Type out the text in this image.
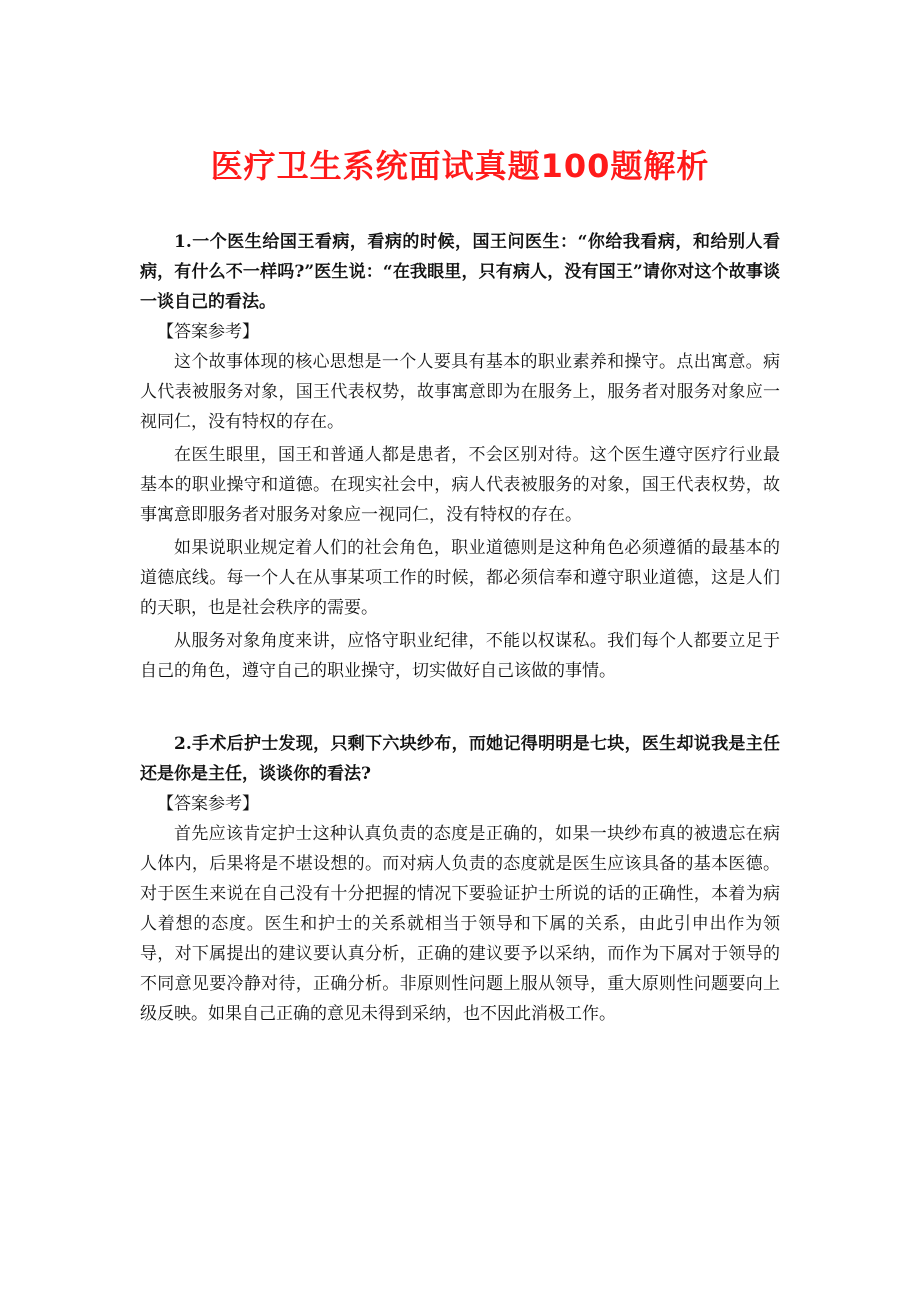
医疗卫生系统面试真题100题解析

1.一个医生给国王看病，看病的时候，国王问医生：“你给我看病，和给别人看病，有什么不一样吗?”医生说：“在我眼里，只有病人，没有国王”请你对这个故事谈一谈自己的看法。

【答案参考】

这个故事体现的核心思想是一个人要具有基本的职业素养和操守。点出寓意。病人代表被服务对象，国王代表权势，故事寓意即为在服务上，服务者对服务对象应一视同仁，没有特权的存在。

在医生眼里，国王和普通人都是患者，不会区别对待。这个医生遵守医疗行业最基本的职业操守和道德。在现实社会中，病人代表被服务的对象，国王代表权势，故事寓意即服务者对服务对象应一视同仁，没有特权的存在。

如果说职业规定着人们的社会角色，职业道德则是这种角色必须遵循的最基本的道德底线。每一个人在从事某项工作的时候，都必须信奉和遵守职业道德，这是人们的天职，也是社会秩序的需要。

从服务对象角度来讲，应恪守职业纪律，不能以权谋私。我们每个人都要立足于自己的角色，遵守自己的职业操守，切实做好自己该做的事情。

2.手术后护士发现，只剩下六块纱布，而她记得明明是七块，医生却说我是主任还是你是主任，谈谈你的看法?

【答案参考】

首先应该肯定护士这种认真负责的态度是正确的，如果一块纱布真的被遗忘在病人体内，后果将是不堪设想的。而对病人负责的态度就是医生应该具备的基本医德。对于医生来说在自己没有十分把握的情况下要验证护士所说的话的正确性，本着为病人着想的态度。医生和护士的关系就相当于领导和下属的关系，由此引申出作为领导，对下属提出的建议要认真分析，正确的建议要予以采纳，而作为下属对于领导的不同意见要冷静对待，正确分析。非原则性问题上服从领导，重大原则性问题要向上级反映。如果自己正确的意见未得到采纳，也不因此消极工作。
